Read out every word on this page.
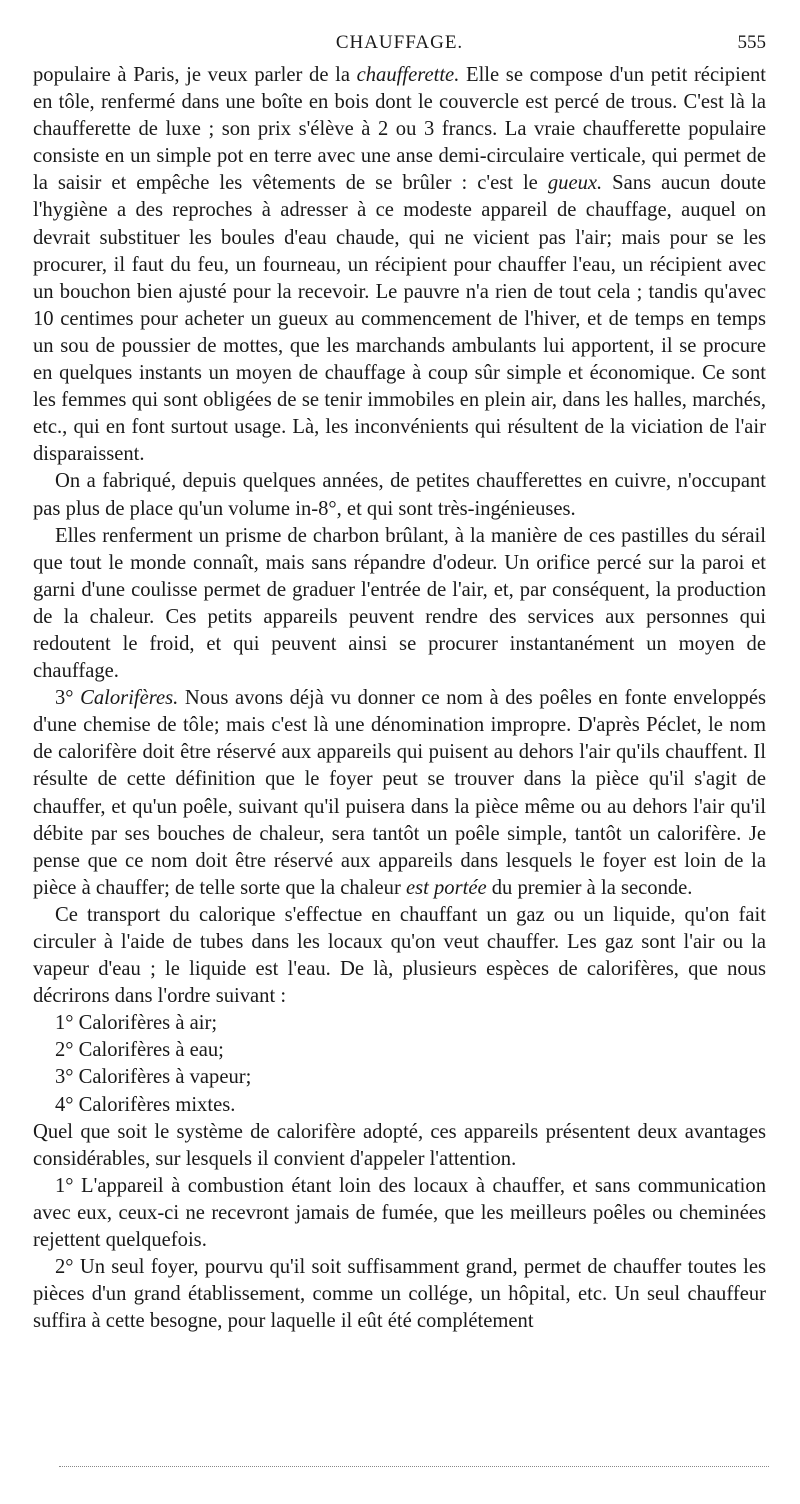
CHAUFFAGE.	555

populaire à Paris, je veux parler de la chaufferette. Elle se compose d'un petit récipient en tôle, renfermé dans une boîte en bois dont le couvercle est percé de trous. C'est là la chaufferette de luxe ; son prix s'élève à 2 ou 3 francs. La vraie chaufferette populaire consiste en un simple pot en terre avec une anse demi-circulaire verticale, qui permet de la saisir et empêche les vêtements de se brûler : c'est le gueux. Sans aucun doute l'hygiène a des reproches à adresser à ce modeste appareil de chauffage, auquel on devrait substituer les boules d'eau chaude, qui ne vicient pas l'air; mais pour se les procurer, il faut du feu, un fourneau, un récipient pour chauffer l'eau, un récipient avec un bouchon bien ajusté pour la recevoir. Le pauvre n'a rien de tout cela ; tandis qu'avec 10 centimes pour acheter un gueux au commencement de l'hiver, et de temps en temps un sou de poussier de mottes, que les marchands ambulants lui apportent, il se procure en quelques instants un moyen de chauffage à coup sûr simple et économique. Ce sont les femmes qui sont obligées de se tenir immobiles en plein air, dans les halles, marchés, etc., qui en font surtout usage. Là, les inconvénients qui résultent de la viciation de l'air disparaissent.

On a fabriqué, depuis quelques années, de petites chaufferettes en cuivre, n'occupant pas plus de place qu'un volume in-8°, et qui sont très-ingénieuses.

Elles renferment un prisme de charbon brûlant, à la manière de ces pastilles du sérail que tout le monde connaît, mais sans répandre d'odeur. Un orifice percé sur la paroi et garni d'une coulisse permet de graduer l'entrée de l'air, et, par conséquent, la production de la chaleur. Ces petits appareils peuvent rendre des services aux personnes qui redoutent le froid, et qui peuvent ainsi se procurer instantanément un moyen de chauffage.

3° Calorifères. Nous avons déjà vu donner ce nom à des poêles en fonte enveloppés d'une chemise de tôle; mais c'est là une dénomination impropre. D'après Péclet, le nom de calorifère doit être réservé aux appareils qui puisent au dehors l'air qu'ils chauffent. Il résulte de cette définition que le foyer peut se trouver dans la pièce qu'il s'agit de chauffer, et qu'un poêle, suivant qu'il puisera dans la pièce même ou au dehors l'air qu'il débite par ses bouches de chaleur, sera tantôt un poêle simple, tantôt un calorifère. Je pense que ce nom doit être réservé aux appareils dans lesquels le foyer est loin de la pièce à chauffer; de telle sorte que la chaleur est portée du premier à la seconde.

Ce transport du calorique s'effectue en chauffant un gaz ou un liquide, qu'on fait circuler à l'aide de tubes dans les locaux qu'on veut chauffer. Les gaz sont l'air ou la vapeur d'eau ; le liquide est l'eau. De là, plusieurs espèces de calorifères, que nous décrirons dans l'ordre suivant :

1° Calorifères à air;

2° Calorifères à eau;

3° Calorifères à vapeur;

4° Calorifères mixtes.

Quel que soit le système de calorifère adopté, ces appareils présentent deux avantages considérables, sur lesquels il convient d'appeler l'attention.

1° L'appareil à combustion étant loin des locaux à chauffer, et sans communication avec eux, ceux-ci ne recevront jamais de fumée, que les meilleurs poêles ou cheminées rejettent quelquefois.

2° Un seul foyer, pourvu qu'il soit suffisamment grand, permet de chauffer toutes les pièces d'un grand établissement, comme un collége, un hôpital, etc. Un seul chauffeur suffira à cette besogne, pour laquelle il eût été complétement
